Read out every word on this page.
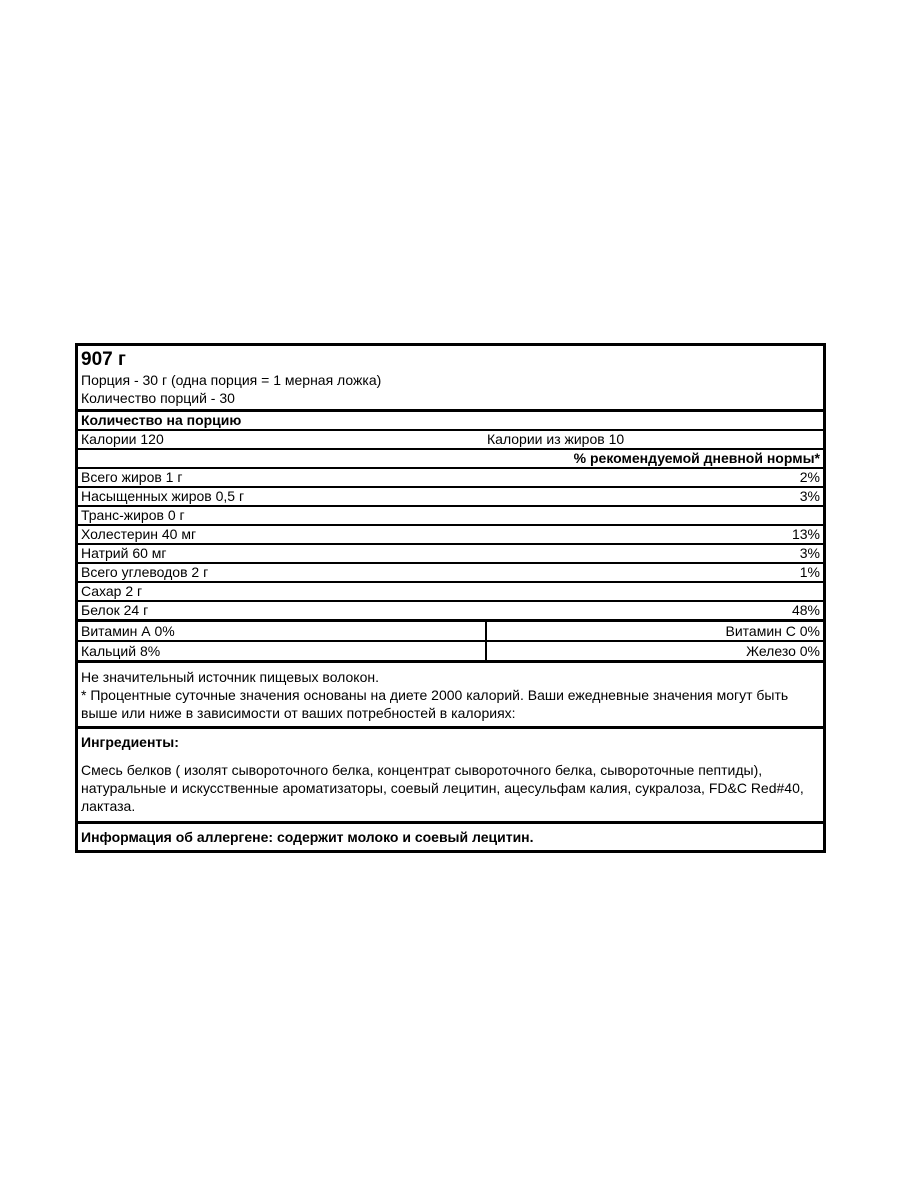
907 г
Порция - 30 г (одна порция = 1 мерная ложка)
Количество порций - 30
Количество на порцию
Калории 120	Калории из жиров 10
% рекомендуемой дневной нормы*
Всего жиров 1 г	2%
Насыщенных жиров 0,5 г	3%
Транс-жиров 0 г
Холестерин 40 мг	13%
Натрий 60 мг	3%
Всего углеводов 2 г	1%
Сахар 2 г
Белок 24 г	48%
Витамин А 0%	Витамин С 0%
Кальций 8%	Железо 0%
Не значительный источник пищевых волокон.
* Процентные суточные значения основаны на диете 2000 калорий. Ваши ежедневные значения могут быть выше или ниже в зависимости от ваших потребностей в калориях:
Ингредиенты:
Смесь белков ( изолят сывороточного белка, концентрат сывороточного белка, сывороточные пептиды), натуральные и искусственные ароматизаторы, соевый лецитин, ацесульфам калия, сукралоза, FD&C Red#40, лактаза.
Информация об аллергене: содержит молоко и соевый лецитин.
